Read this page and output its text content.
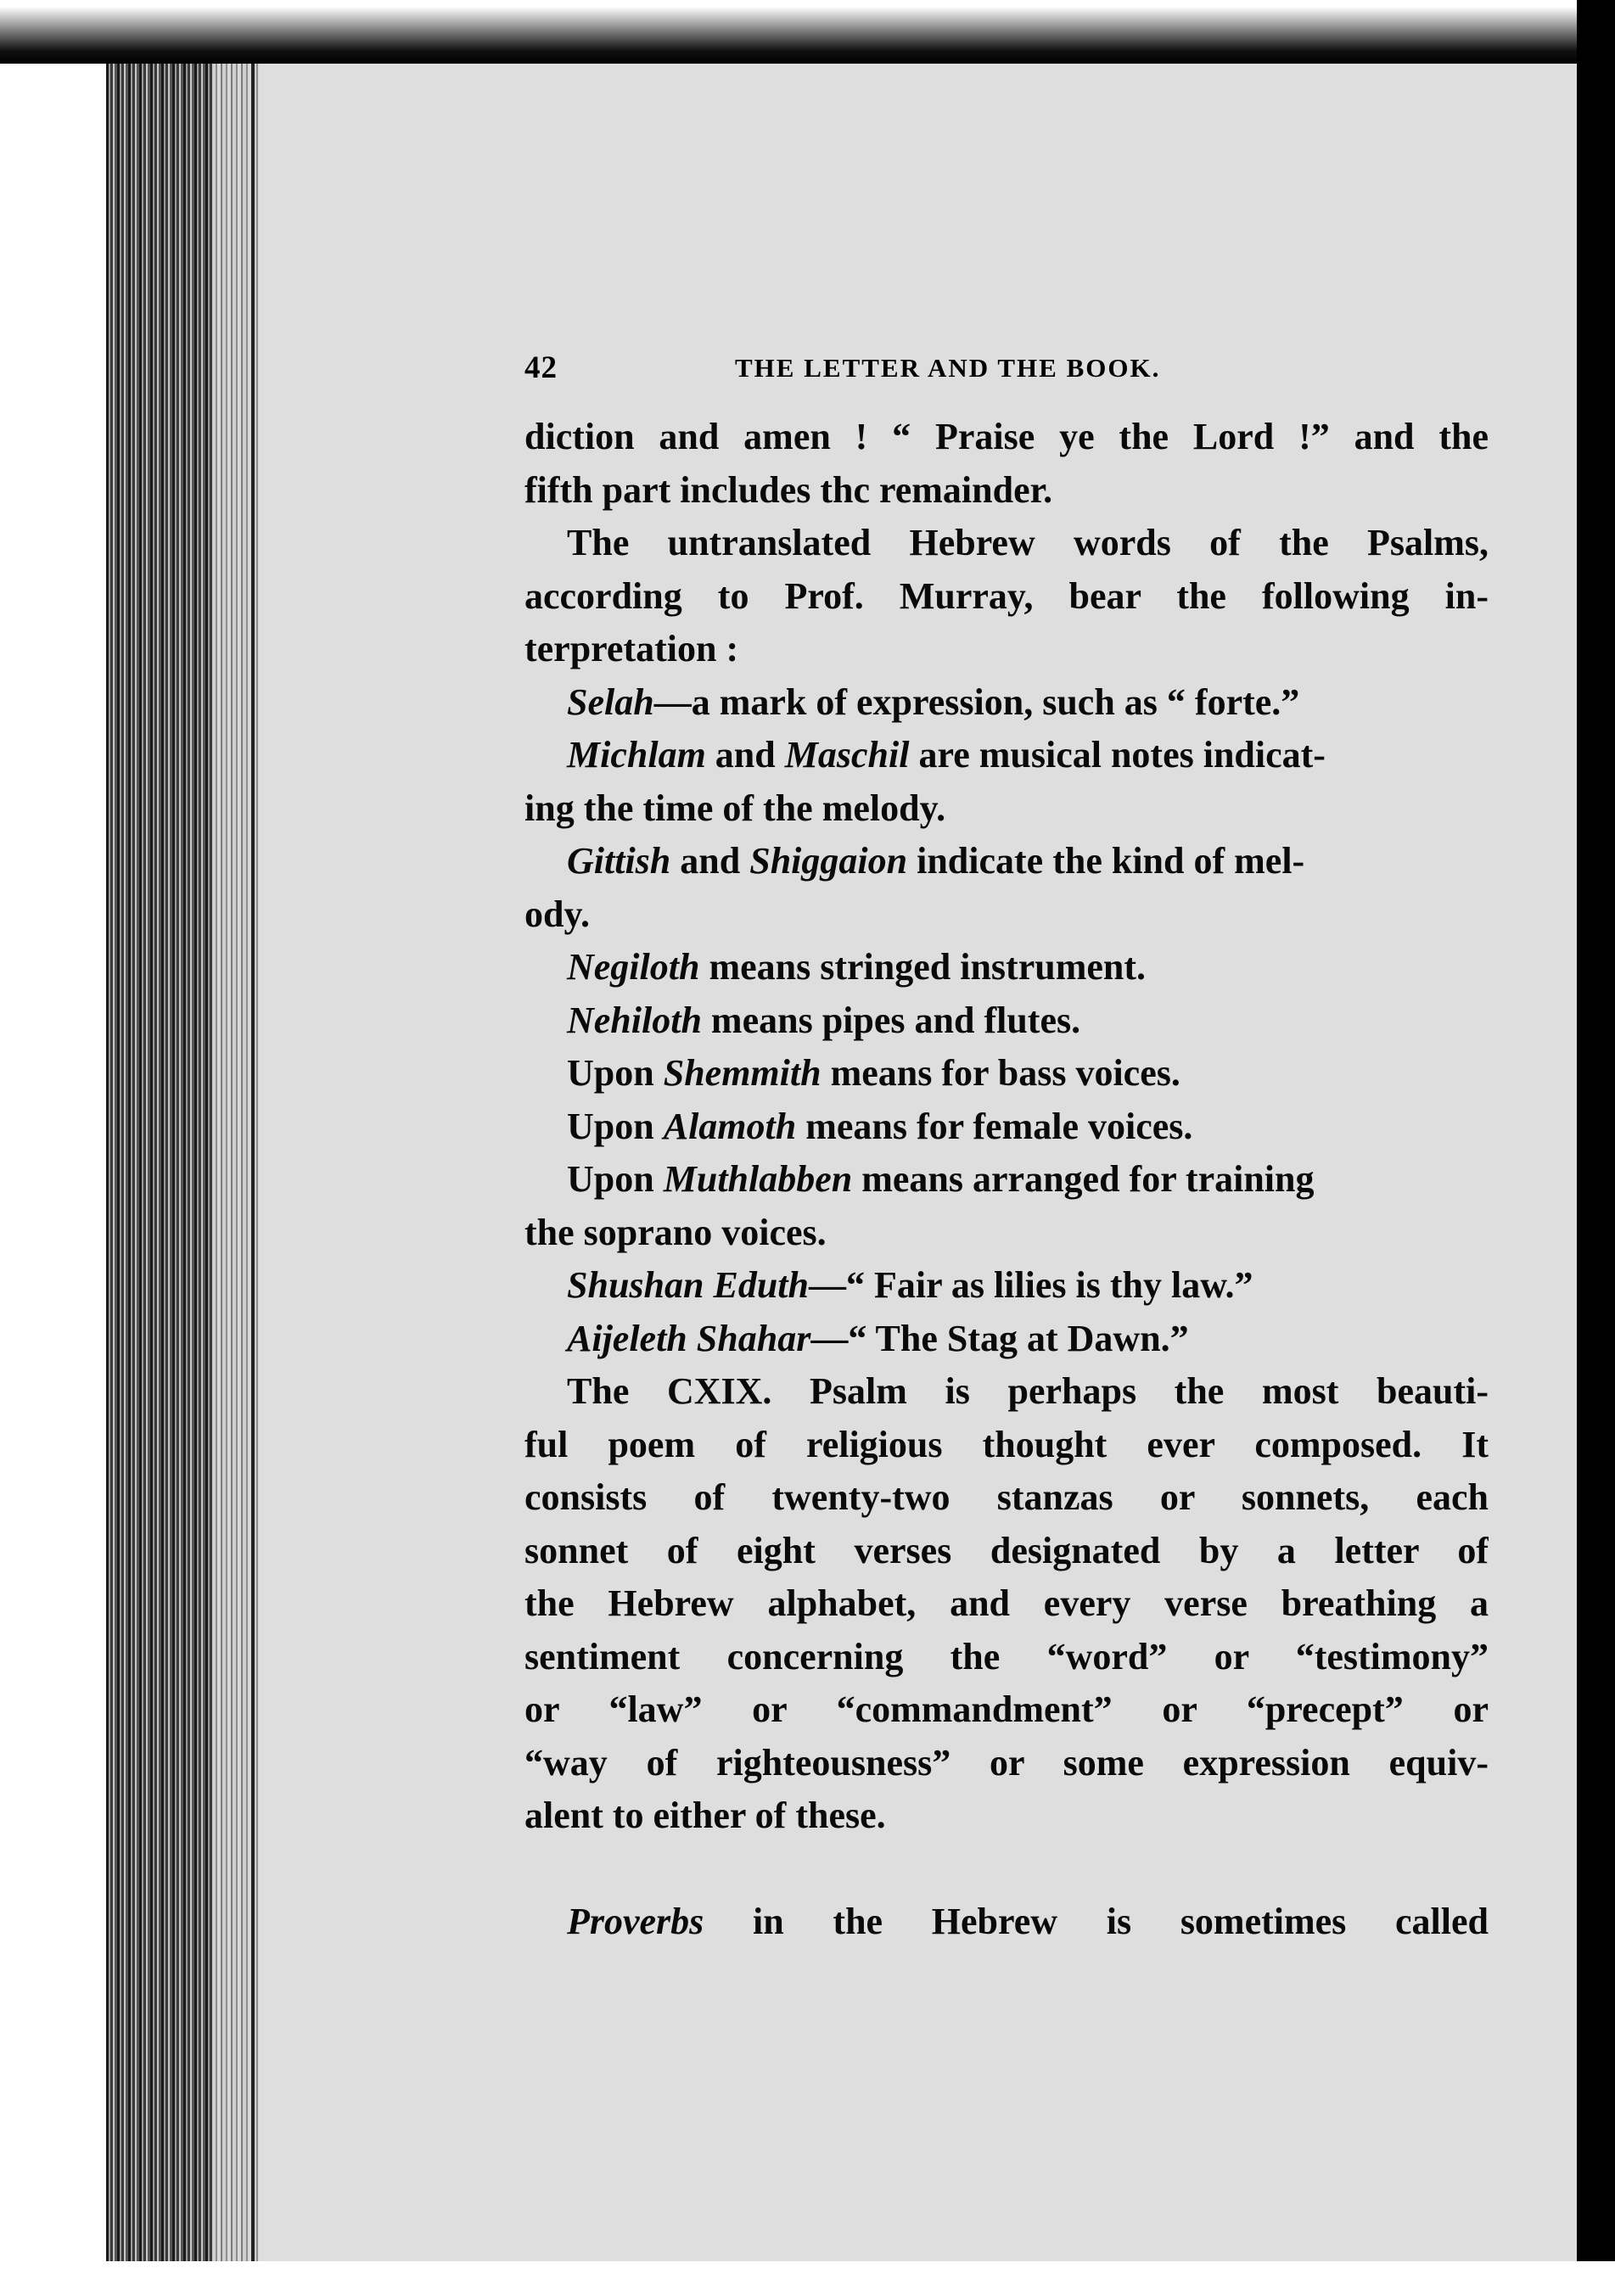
42	THE LETTER AND THE BOOK.
diction and amen ! “ Praise ye the Lord !” and the
fifth part includes thc remainder.
The untranslated Hebrew words of the Psalms,
according to Prof. Murray, bear the following in-
terpretation :
Selah—a mark of expression, such as “ forte.”
Michlam and Maschil are musical notes indicat-
ing the time of the melody.
Gittish and Shiggaion indicate the kind of mel-
ody.
Negiloth means stringed instrument.
Nehiloth means pipes and flutes.
Upon Shemmith means for bass voices.
Upon Alamoth means for female voices.
Upon Muthlabben means arranged for training
the soprano voices.
Shushan Eduth—“ Fair as lilies is thy law.”
Aijeleth Shahar—“ The Stag at Dawn.”
The CXIX. Psalm is perhaps the most beauti-
ful poem of religious thought ever composed. It
consists of twenty-two stanzas or sonnets, each
sonnet of eight verses designated by a letter of
the Hebrew alphabet, and every verse breathing a
sentiment concerning the “word” or “testimony”
or “law” or “commandment” or “precept” or
“way of righteousness” or some expression equiv-
alent to either of these.
Proverbs in the Hebrew is sometimes called
